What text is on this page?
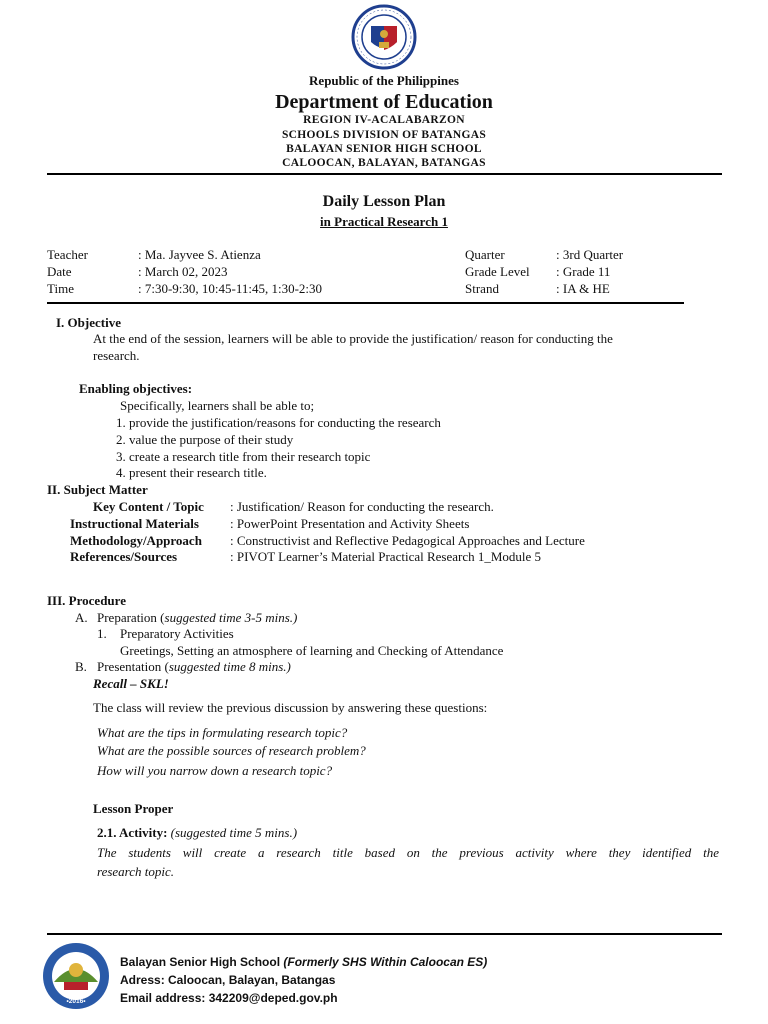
Republic of the Philippines
Department of Education
REGION IV-ACALABARZON
SCHOOLS DIVISION OF BATANGAS
BALAYAN SENIOR HIGH SCHOOL
CALOOCAN, BALAYAN, BATANGAS
Daily Lesson Plan
in Practical Research 1
Teacher	: Ma. Jayvee S. Atienza
Date	: March 02, 2023
Time	: 7:30-9:30, 10:45-11:45, 1:30-2:30
Quarter	: 3rd Quarter
Grade Level : Grade 11
Strand	: IA & HE
I. Objective
At the end of the session, learners will be able to provide the justification/ reason for conducting the
research.
Enabling objectives:
Specifically, learners shall be able to;
1. provide the justification/reasons for conducting the research
2. value the purpose of their study
3. create a research title from their research topic
4. present their research title.
II. Subject Matter
Key Content / Topic : Justification/ Reason for conducting the research.
Instructional Materials : PowerPoint Presentation and Activity Sheets
Methodology/Approach : Constructivist and Reflective Pedagogical Approaches and Lecture
References/Sources	: PIVOT Learner’s Material Practical Research 1_Module 5
III. Procedure
A. Preparation (suggested time 3-5 mins.)
1. Preparatory Activities
Greetings, Setting an atmosphere of learning and Checking of Attendance
B. Presentation (suggested time 8 mins.)
Recall – SKL!
The class will review the previous discussion by answering these questions:
What are the tips in formulating research topic?
What are the possible sources of research problem?
How will you narrow down a research topic?
Lesson Proper
2.1. Activity: (suggested time 5 mins.)
The students will create a research title based on the previous activity where they identified the
research topic.
•2016•
Balayan Senior High School (Formerly SHS Within Caloocan ES)
Adress: Caloocan, Balayan, Batangas
Email address: 342209@deped.gov.ph
